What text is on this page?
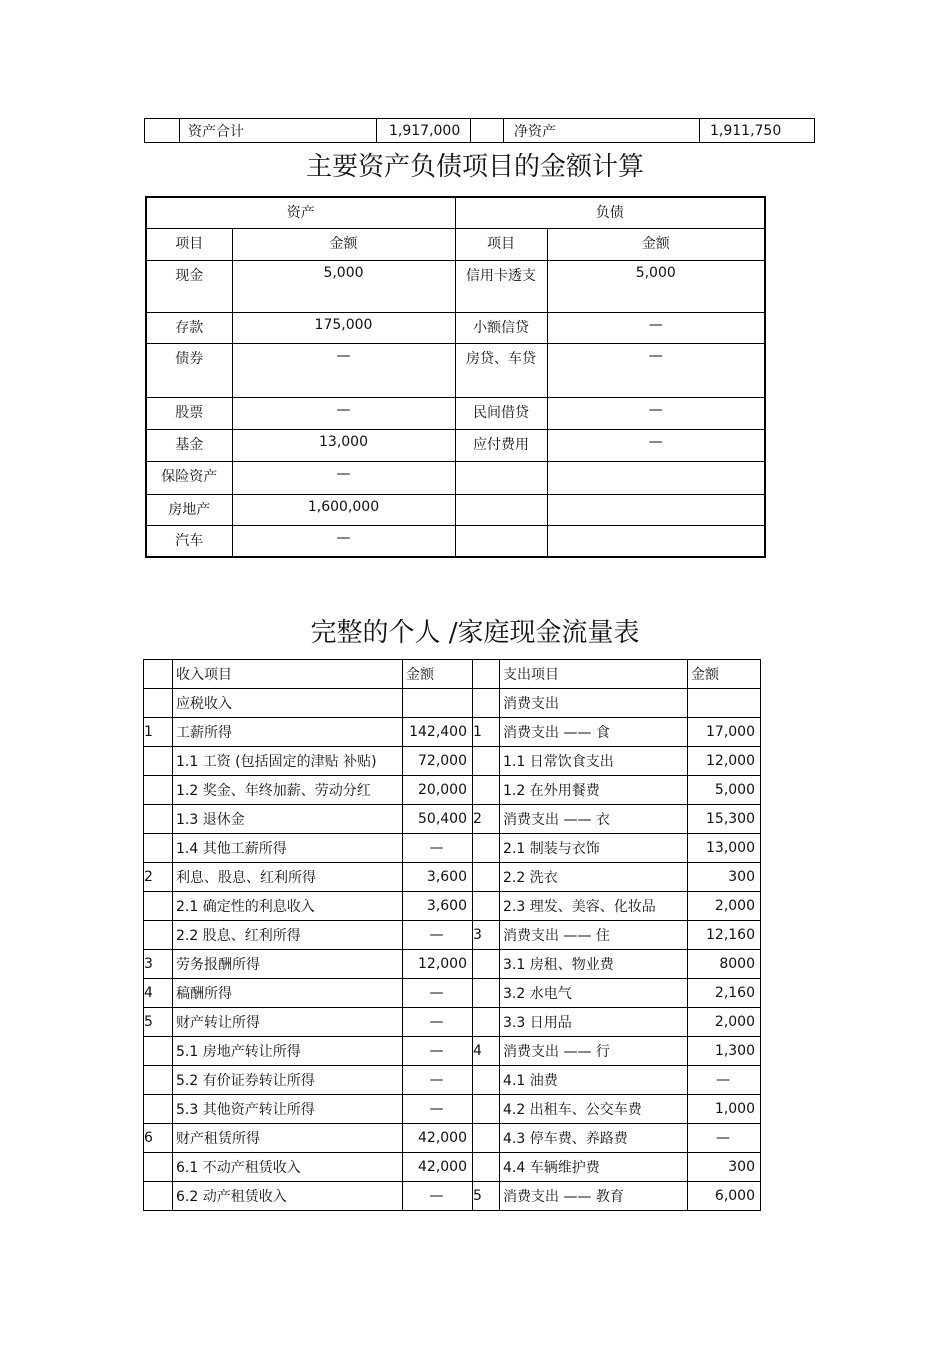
	资产合计	1,917,000		净资产	1,911,750
主要资产负债项目的金额计算
资产		负债	
项目	金额	项目	金额
现金	5,000	信用卡透支	5,000
存款	175,000	小额信贷	—
债券	—	房贷、车贷	—
股票	—	民间借贷	—
基金	13,000	应付费用	—
保险资产	—		
房地产	1,600,000		
汽车	—		
完整的个人 /家庭现金流量表
	收入项目	金额		支出项目	金额
	应税收入			消费支出	
1	工薪所得	142,400	1	消费支出 —— 食	17,000
	1.1 工资 (包括固定的津贴 补贴)	72,000		1.1 日常饮食支出	12,000
	1.2 奖金、年终加薪、劳动分红	20,000		1.2 在外用餐费	5,000
	1.3 退休金	50,400	2	消费支出 —— 衣	15,300
	1.4 其他工薪所得	—		2.1 制装与衣饰	13,000
2	利息、股息、红利所得	3,600		2.2 洗衣	300
	2.1 确定性的利息收入	3,600		2.3 理发、美容、化妆品	2,000
	2.2 股息、红利所得	—	3	消费支出 —— 住	12,160
3	劳务报酬所得	12,000		3.1 房租、物业费	8000
4	稿酬所得	—		3.2 水电气	2,160
5	财产转让所得	—		3.3 日用品	2,000
	5.1 房地产转让所得	—	4	消费支出 —— 行	1,300
	5.2 有价证券转让所得	—		4.1 油费	—
	5.3 其他资产转让所得	—		4.2 出租车、公交车费	1,000
6	财产租赁所得	42,000		4.3 停车费、养路费	—
	6.1 不动产租赁收入	42,000		4.4 车辆维护费	300
	6.2 动产租赁收入	—	5	消费支出 —— 教育	6,000
